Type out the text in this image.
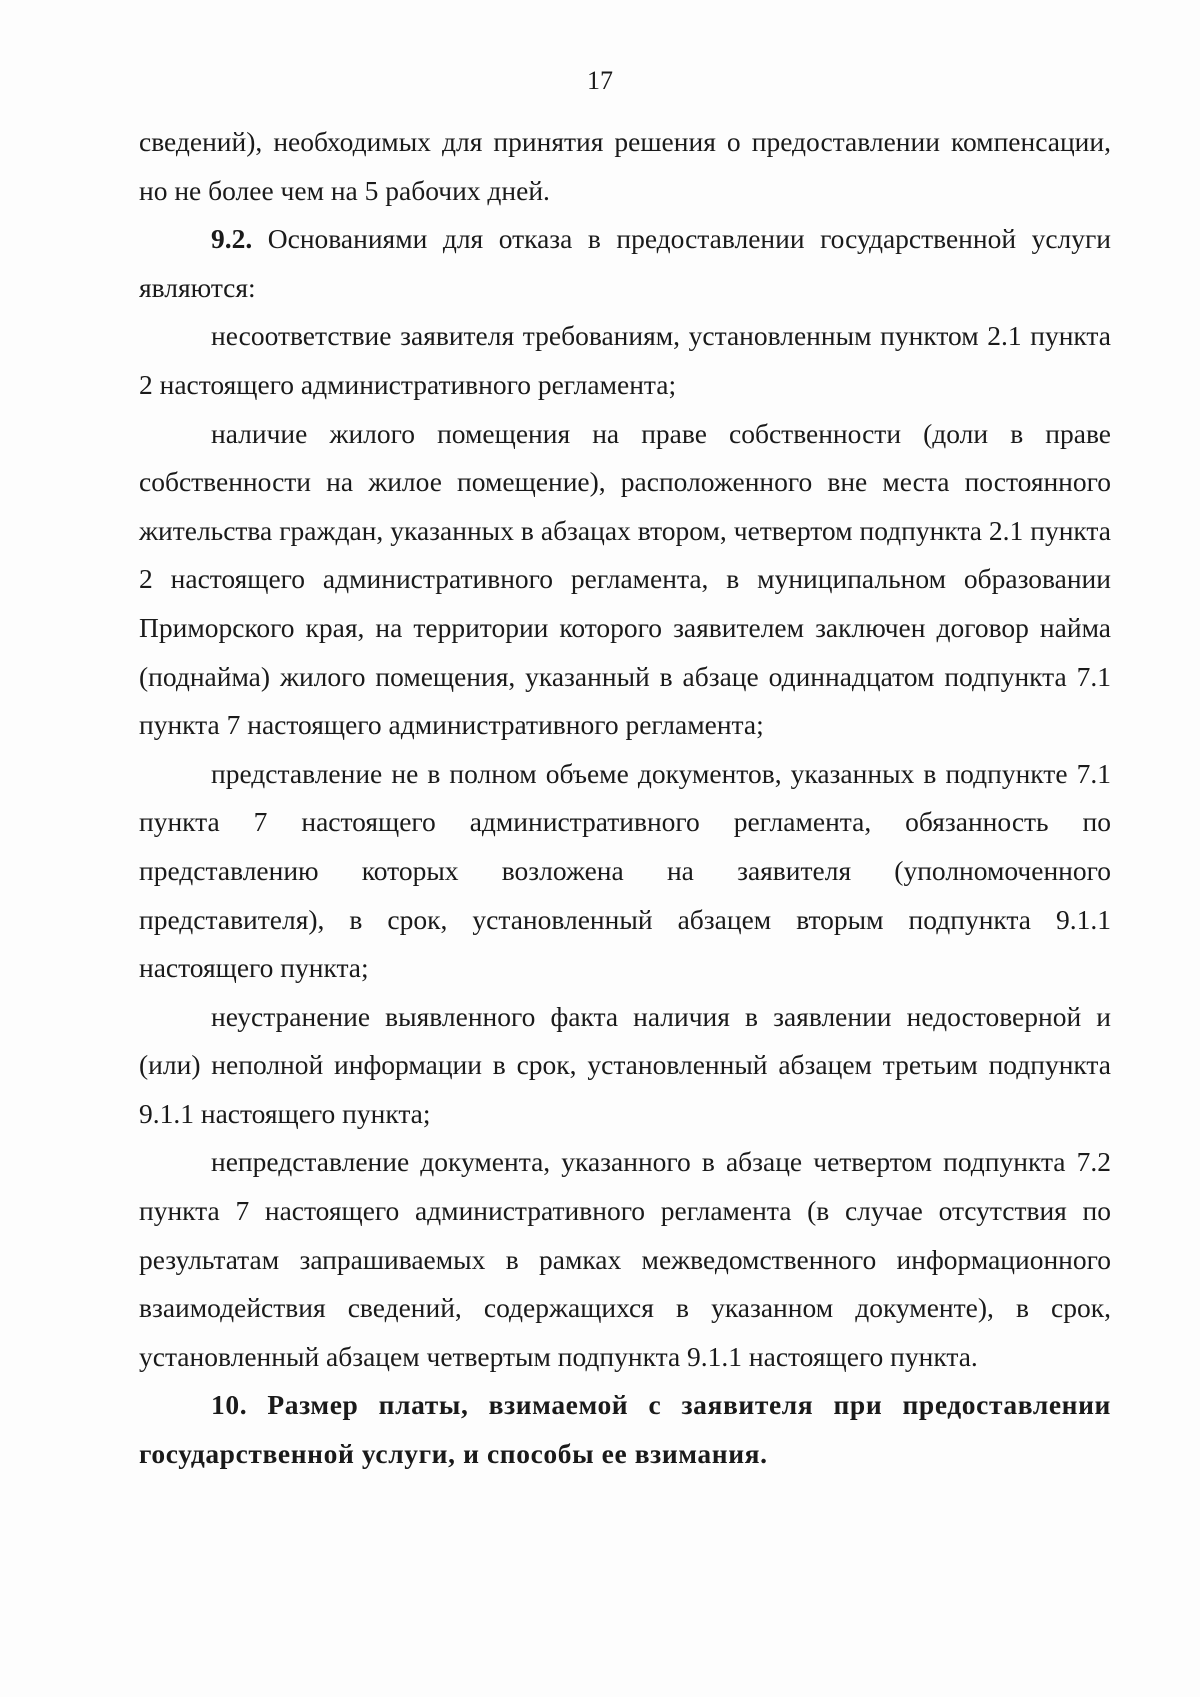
17

сведений), необходимых для принятия решения о предоставлении компенсации, но не более чем на 5 рабочих дней.

9.2. Основаниями для отказа в предоставлении государственной услуги являются:

несоответствие заявителя требованиям, установленным пунктом 2.1 пункта 2 настоящего административного регламента;

наличие жилого помещения на праве собственности (доли в праве собственности на жилое помещение), расположенного вне места постоянного жительства граждан, указанных в абзацах втором, четвертом подпункта 2.1 пункта 2 настоящего административного регламента, в муниципальном образовании Приморского края, на территории которого заявителем заключен договор найма (поднайма) жилого помещения, указанный в абзаце одиннадцатом подпункта 7.1 пункта 7 настоящего административного регламента;

представление не в полном объеме документов, указанных в подпункте 7.1 пункта 7 настоящего административного регламента, обязанность по представлению которых возложена на заявителя (уполномоченного представителя), в срок, установленный абзацем вторым подпункта 9.1.1 настоящего пункта;

неустранение выявленного факта наличия в заявлении недостоверной и (или) неполной информации в срок, установленный абзацем третьим подпункта 9.1.1 настоящего пункта;

непредставление документа, указанного в абзаце четвертом подпункта 7.2 пункта 7 настоящего административного регламента (в случае отсутствия по результатам запрашиваемых в рамках межведомственного информационного взаимодействия сведений, содержащихся в указанном документе), в срок, установленный абзацем четвертым подпункта 9.1.1 настоящего пункта.

10. Размер платы, взимаемой с заявителя при предоставлении государственной услуги, и способы ее взимания.
